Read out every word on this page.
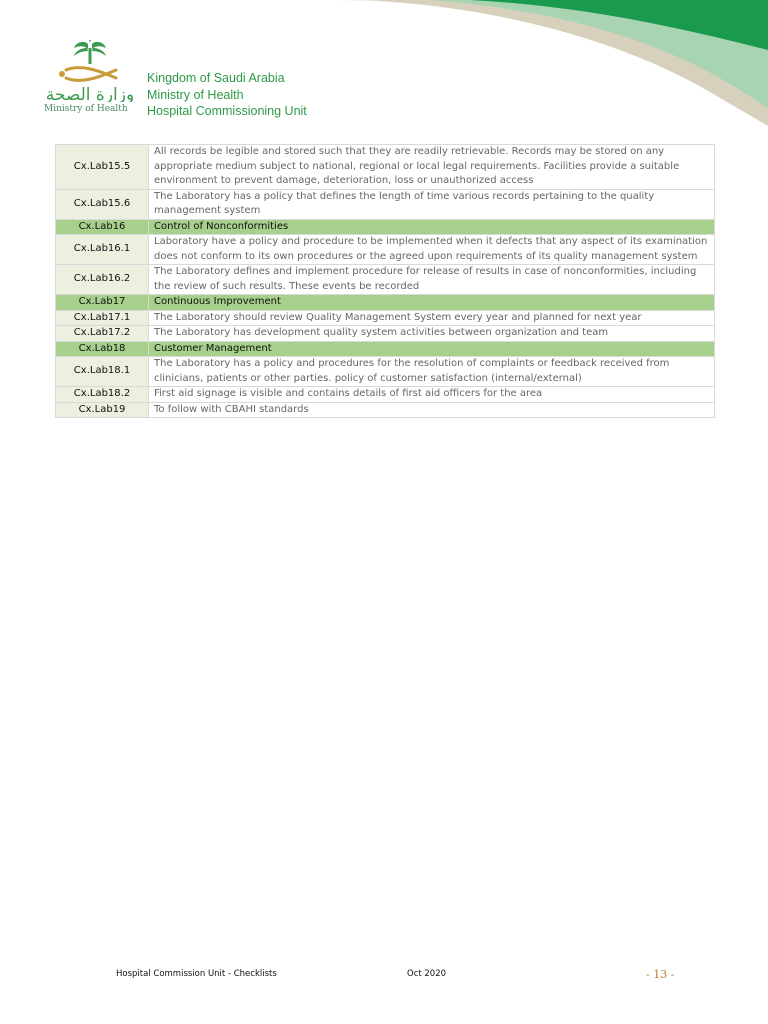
وزارة الصحة
Ministry of Health
Kingdom of Saudi Arabia
Ministry of Health
Hospital Commissioning Unit
Cx.Lab15.5	All records be legible and stored such that they are readily retrievable. Records may be stored on any appropriate medium subject to national, regional or local legal requirements. Facilities provide a suitable environment to prevent damage, deterioration, loss or unauthorized access
Cx.Lab15.6	The Laboratory has a policy that defines the length of time various records pertaining to the quality management system
Cx.Lab16	Control of Nonconformities
Cx.Lab16.1	Laboratory have a policy and procedure to be implemented when it defects that any aspect of its examination does not conform to its own procedures or the agreed upon requirements of its quality management system
Cx.Lab16.2	The Laboratory defines and implement procedure for release of results in case of nonconformities, including the review of such results. These events be recorded
Cx.Lab17	Continuous Improvement
Cx.Lab17.1	The Laboratory should review Quality Management System every year and planned for next year
Cx.Lab17.2	The Laboratory has development quality system activities between organization and team
Cx.Lab18	Customer Management
Cx.Lab18.1	The Laboratory has a policy and procedures for the resolution of complaints or feedback received from clinicians, patients or other parties. policy of customer satisfaction (internal/external)
Cx.Lab18.2	First aid signage is visible and contains details of first aid officers for the area
Cx.Lab19	To follow with CBAHI standards
Hospital Commission Unit - Checklists	Oct 2020	- 13 -
